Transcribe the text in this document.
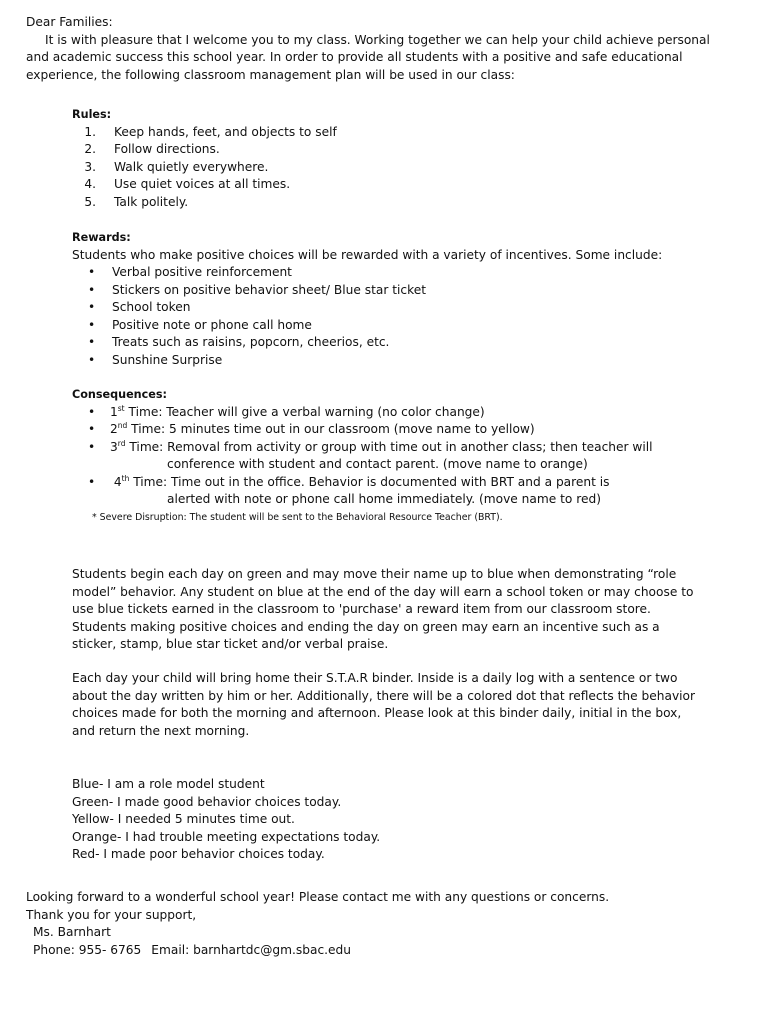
Dear Families:

It is with pleasure that I welcome you to my class. Working together we can help your child achieve personal and academic success this school year. In order to provide all students with a positive and safe educational experience, the following classroom management plan will be used in our class:

Rules:
1. Keep hands, feet, and objects to self
2. Follow directions.
3. Walk quietly everywhere.
4. Use quiet voices at all times.
5. Talk politely.
Rewards:
Students who make positive choices will be rewarded with a variety of incentives. Some include:
•Verbal positive reinforcement
•Stickers on positive behavior sheet/ Blue star ticket
•School token
•Positive note or phone call home
•Treats such as raisins, popcorn, cheerios, etc.
•Sunshine Surprise
Consequences:
•1st Time: Teacher will give a verbal warning (no color change)
•2nd Time: 5 minutes time out in our classroom (move name to yellow)
•3rd Time: Removal from activity or group with time out in another class; then teacher will
conference with student and contact parent. (move name to orange)
• 4th Time: Time out in the office. Behavior is documented with BRT and a parent is
alerted with note or phone call home immediately. (move name to red)
* Severe Disruption: The student will be sent to the Behavioral Resource Teacher (BRT).

Students begin each day on green and may move their name up to blue when demonstrating “role model” behavior. Any student on blue at the end of the day will earn a school token or may choose to use blue tickets earned in the classroom to 'purchase' a reward item from our classroom store. Students making positive choices and ending the day on green may earn an incentive such as a sticker, stamp, blue star ticket and/or verbal praise.

Each day your child will bring home their S.T.A.R binder. Inside is a daily log with a sentence or two about the day written by him or her. Additionally, there will be a colored dot that reflects the behavior choices made for both the morning and afternoon. Please look at this binder daily, initial in the box, and return the next morning.

Blue- I am a role model student
Green- I made good behavior choices today.
Yellow- I needed 5 minutes time out.
Orange- I had trouble meeting expectations today.
Red- I made poor behavior choices today.
Looking forward to a wonderful school year! Please contact me with any questions or concerns.
Thank you for your support,
Ms. Barnhart
Phone: 955- 6765 Email: barnhartdc@gm.sbac.edu
